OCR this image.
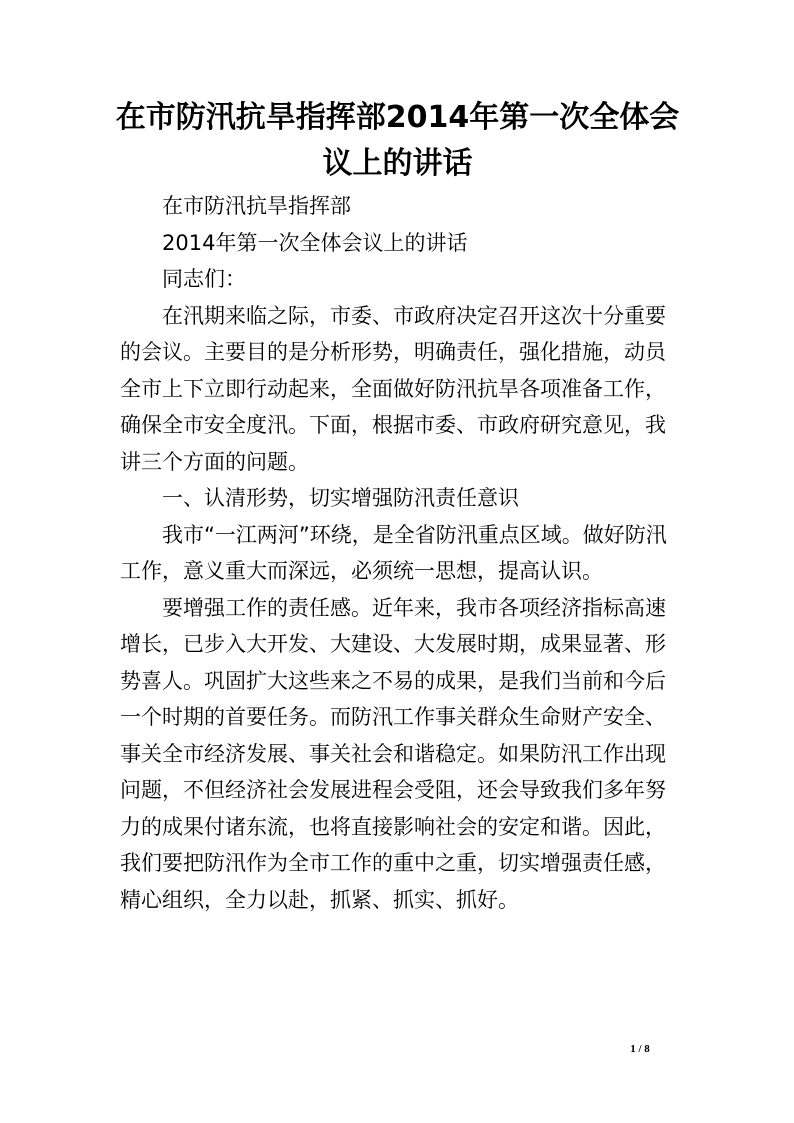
在市防汛抗旱指挥部2014年第一次全体会议上的讲话

在市防汛抗旱指挥部

2014年第一次全体会议上的讲话

同志们：

在汛期来临之际，市委、市政府决定召开这次十分重要的会议。主要目的是分析形势，明确责任，强化措施，动员全市上下立即行动起来，全面做好防汛抗旱各项准备工作，确保全市安全度汛。下面，根据市委、市政府研究意见，我讲三个方面的问题。

一、认清形势，切实增强防汛责任意识

我市“一江两河”环绕，是全省防汛重点区域。做好防汛工作，意义重大而深远，必须统一思想，提高认识。

要增强工作的责任感。近年来，我市各项经济指标高速增长，已步入大开发、大建设、大发展时期，成果显著、形势喜人。巩固扩大这些来之不易的成果，是我们当前和今后一个时期的首要任务。而防汛工作事关群众生命财产安全、事关全市经济发展、事关社会和谐稳定。如果防汛工作出现问题，不但经济社会发展进程会受阻，还会导致我们多年努力的成果付诸东流，也将直接影响社会的安定和谐。因此，我们要把防汛作为全市工作的重中之重，切实增强责任感，精心组织，全力以赴，抓紧、抓实、抓好。

1 / 8
